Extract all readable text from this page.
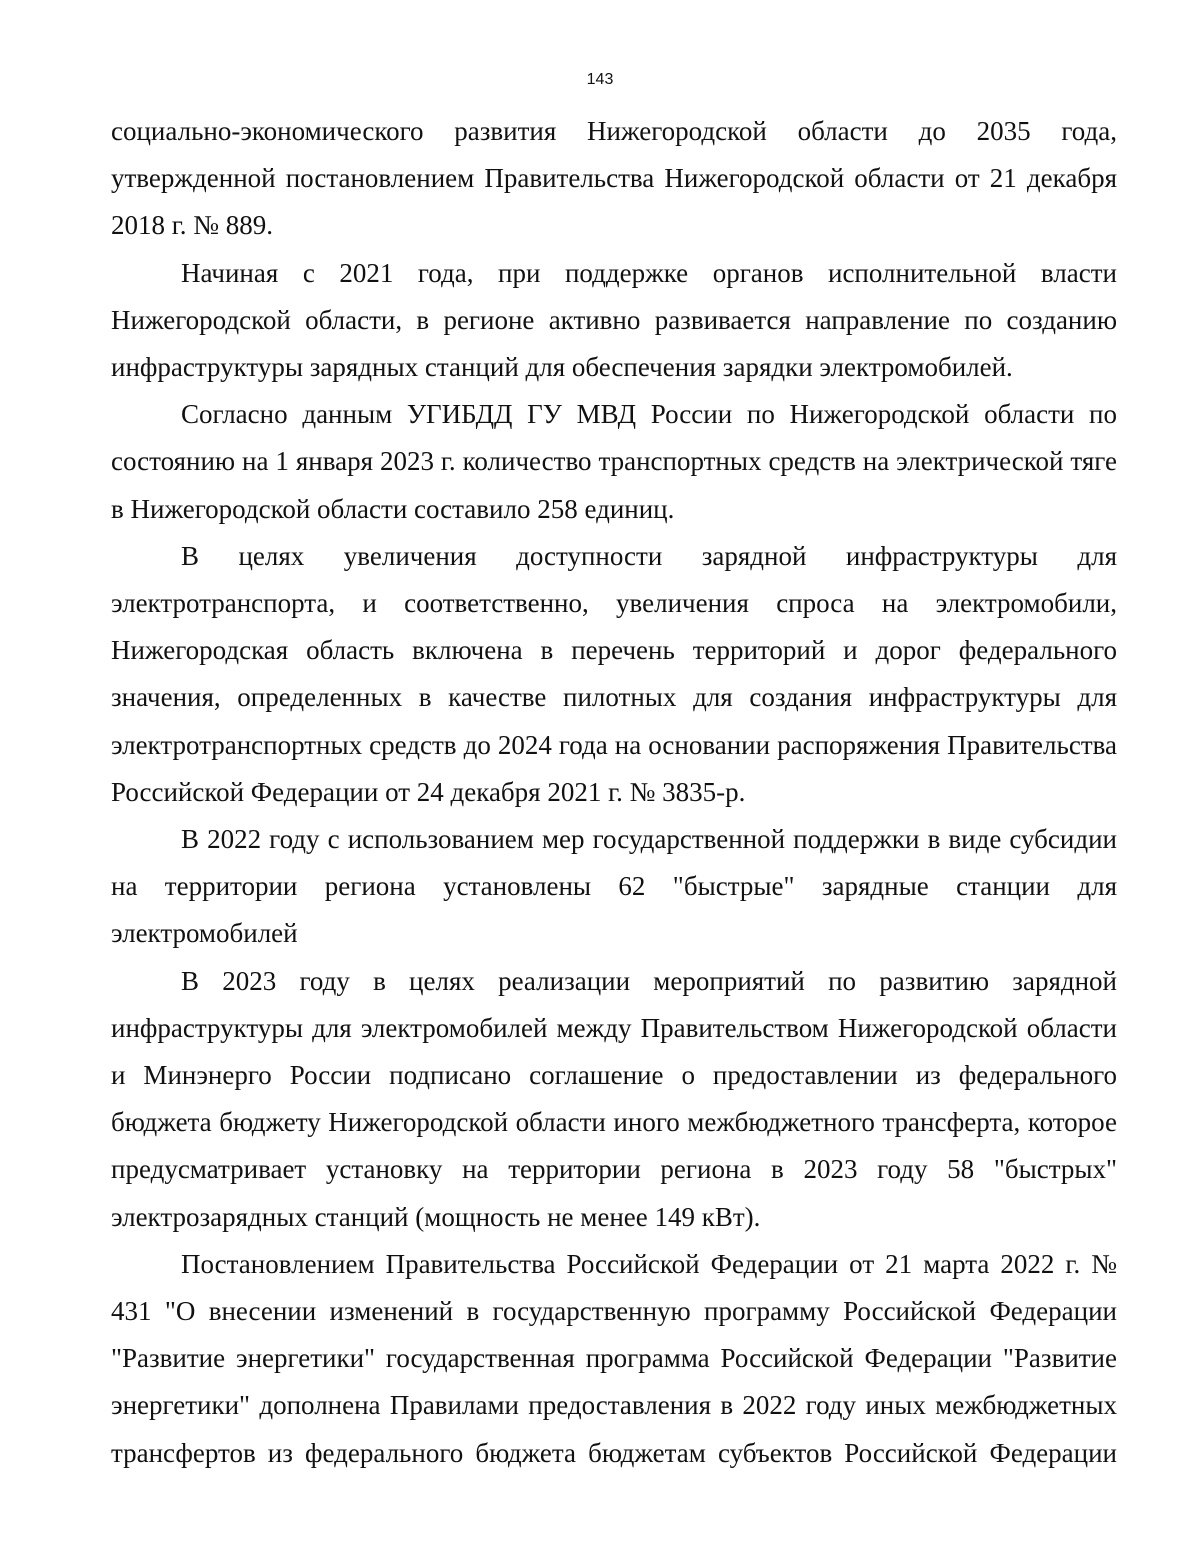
143

социально-экономического развития Нижегородской области до 2035 года, утвержденной постановлением Правительства Нижегородской области от 21 декабря 2018 г. № 889.

Начиная с 2021 года, при поддержке органов исполнительной власти Нижегородской области, в регионе активно развивается направление по созданию инфраструктуры зарядных станций для обеспечения зарядки электромобилей.

Согласно данным УГИБДД ГУ МВД России по Нижегородской области по состоянию на 1 января 2023 г. количество транспортных средств на электрической тяге в Нижегородской области составило 258 единиц.

В целях увеличения доступности зарядной инфраструктуры для электротранспорта, и соответственно, увеличения спроса на электромобили, Нижегородская область включена в перечень территорий и дорог федерального значения, определенных в качестве пилотных для создания инфраструктуры для электротранспортных средств до 2024 года на основании распоряжения Правительства Российской Федерации от 24 декабря 2021 г. № 3835-р.

В 2022 году с использованием мер государственной поддержки в виде субсидии на территории региона установлены 62 "быстрые" зарядные станции для электромобилей

В 2023 году в целях реализации мероприятий по развитию зарядной инфраструктуры для электромобилей между Правительством Нижегородской области и Минэнерго России подписано соглашение о предоставлении из федерального бюджета бюджету Нижегородской области иного межбюджетного трансферта, которое предусматривает установку на территории региона в 2023 году 58 "быстрых" электрозарядных станций (мощность не менее 149 кВт).

Постановлением Правительства Российской Федерации от 21 марта 2022 г. № 431 "О внесении изменений в государственную программу Российской Федерации "Развитие энергетики" государственная программа Российской Федерации "Развитие энергетики" дополнена Правилами предоставления в 2022 году иных межбюджетных трансфертов из федерального бюджета бюджетам субъектов Российской Федерации
